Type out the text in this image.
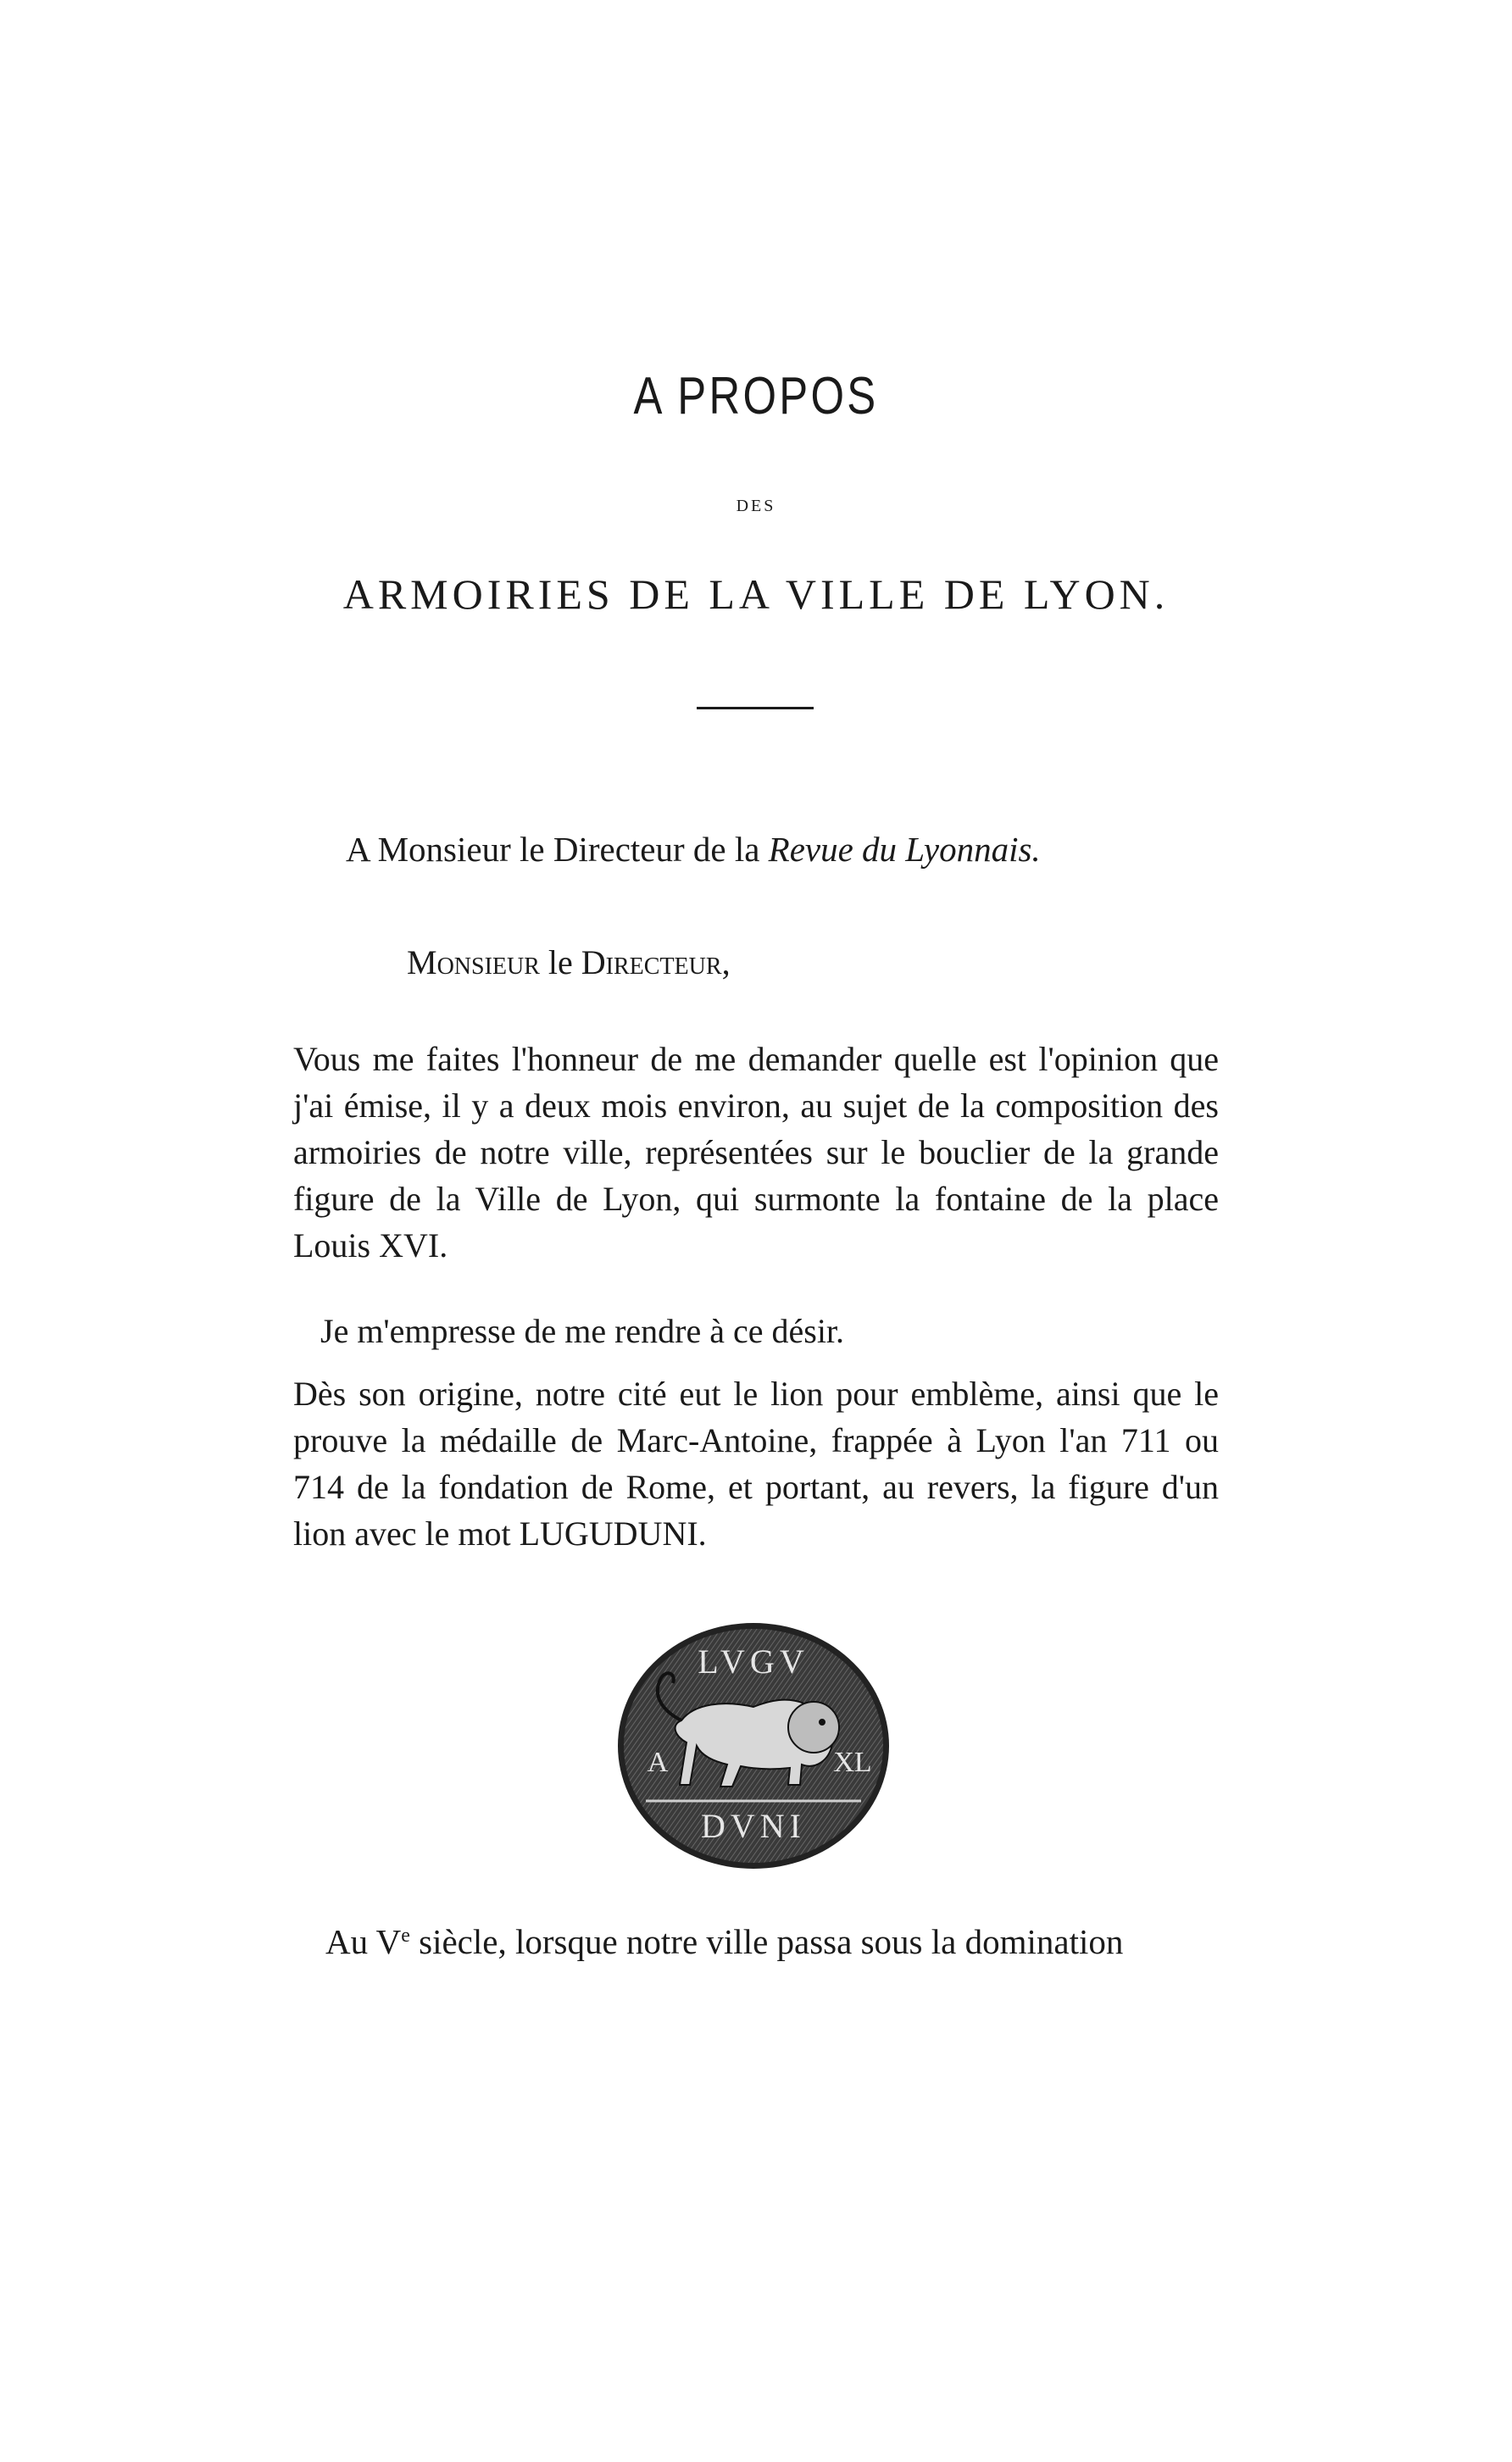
A PROPOS
DES
ARMOIRIES DE LA VILLE DE LYON.
A Monsieur le Directeur de la Revue du Lyonnais.
Monsieur le Directeur,

Vous me faites l'honneur de me demander quelle est l'opinion que j'ai émise, il y a deux mois environ, au sujet de la composition des armoiries de notre ville, représentées sur le bouclier de la grande figure de la Ville de Lyon, qui surmonte la fontaine de la place Louis XVI.

Je m'empresse de me rendre à ce désir.

Dès son origine, notre cité eut le lion pour emblème, ainsi que le prouve la médaille de Marc-Antoine, frappée à Lyon l'an 711 ou 714 de la fondation de Rome, et portant, au revers, la figure d'un lion avec le mot LUGUDUNI.

LVGV
A	XL
DVNI
Au Ve siècle, lorsque notre ville passa sous la domination
